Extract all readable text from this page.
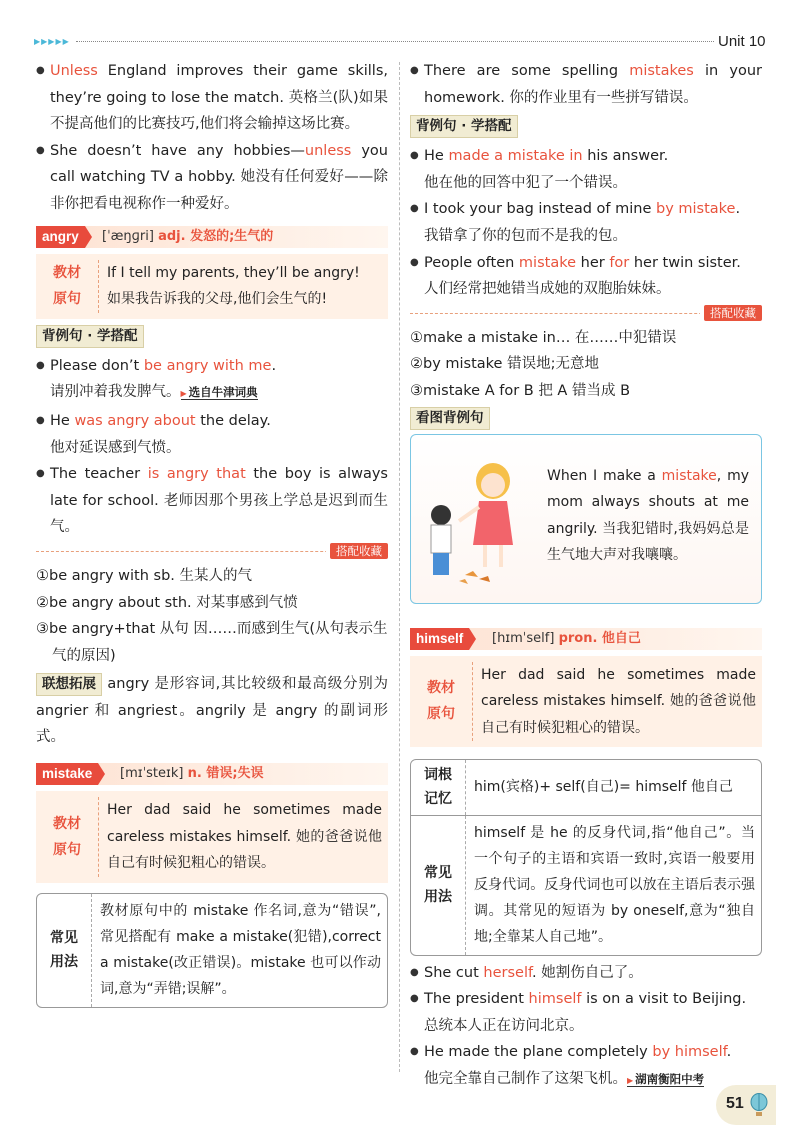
▶▶▶▶▶	Unit 10
● Unless England improves their game skills, they’re going to lose the match. 英格兰(队)如果不提高他们的比赛技巧,他们将会输掉这场比赛。
● She doesn’t have any hobbies—unless you call watching TV a hobby. 她没有任何爱好——除非你把看电视称作一种爱好。
angry	[ˈæŋɡri] adj. 发怒的;生气的
教材
原句
If I tell my parents, they’ll be angry!
如果我告诉我的父母,他们会生气的!
背例句 · 学搭配
● Please don’t be angry with me.
请别冲着我发脾气。 ▶ 选自牛津词典
● He was angry about the delay.
他对延误感到气愤。
● The teacher is angry that the boy is always late for school. 老师因那个男孩上学总是迟到而生气。
搭配收藏
①be angry with sb. 生某人的气
②be angry about sth. 对某事感到气愤
③be angry+that 从句 因……而感到生气(从句表示生气的原因)
联想拓展 angry 是形容词,其比较级和最高级分别为 angrier 和 angriest。angrily 是 angry 的副词形式。
mistake	[mɪˈsteɪk] n. 错误;失误
教材
原句
Her dad said he sometimes made careless mistakes himself. 她的爸爸说他自己有时候犯粗心的错误。
常见
用法
教材原句中的 mistake 作名词,意为“错误”,常见搭配有 make a mistake(犯错),correct a mistake(改正错误)。mistake 也可以作动词,意为“弄错;误解”。
● There are some spelling mistakes in your homework. 你的作业里有一些拼写错误。
背例句 · 学搭配
● He made a mistake in his answer.
他在他的回答中犯了一个错误。
● I took your bag instead of mine by mistake.
我错拿了你的包而不是我的包。
● People often mistake her for her twin sister.
人们经常把她错当成她的双胞胎妹妹。
搭配收藏
①make a mistake in… 在……中犯错误
②by mistake 错误地;无意地
③mistake A for B 把 A 错当成 B
看图背例句
When I make a mistake, my mom always shouts at me angrily. 当我犯错时,我妈妈总是生气地大声对我嚷嚷。
himself	[hɪmˈself] pron. 他自己
教材
原句
Her dad said he sometimes made careless mistakes himself. 她的爸爸说他自己有时候犯粗心的错误。
词根
记忆
him(宾格)+ self(自己)= himself 他自己
常见
用法
himself 是 he 的反身代词,指“他自己”。当一个句子的主语和宾语一致时,宾语一般要用反身代词。反身代词也可以放在主语后表示强调。其常见的短语为 by oneself,意为“独自地;全靠某人自己地”。
● She cut herself. 她割伤自己了。
● The president himself is on a visit to Beijing.
总统本人正在访问北京。
● He made the plane completely by himself.
他完全靠自己制作了这架飞机。 ▶ 湖南衡阳中考
51
